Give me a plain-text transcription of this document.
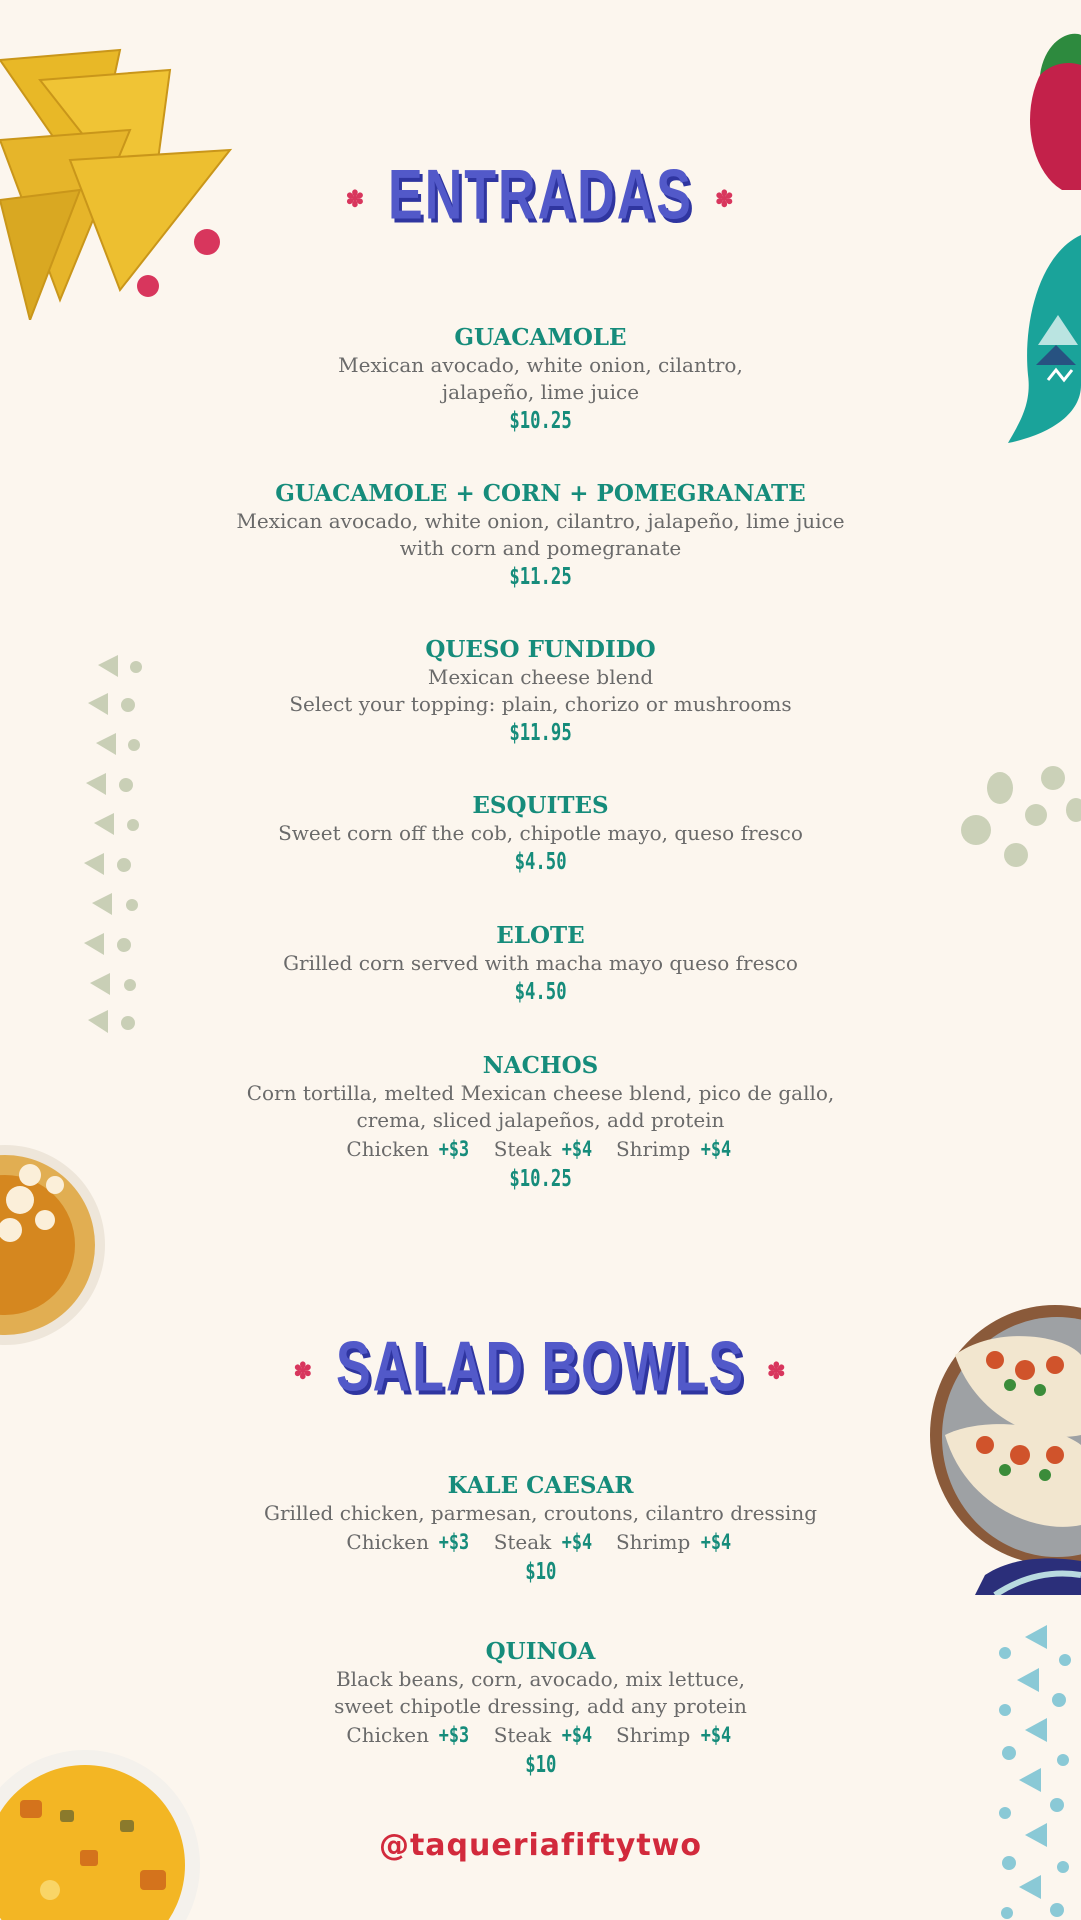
✽ ENTRADAS ✽
GUACAMOLE
Mexican avocado, white onion, cilantro,
jalapeño, lime juice
$10.25
GUACAMOLE + CORN + POMEGRANATE
Mexican avocado, white onion, cilantro, jalapeño, lime juice
with corn and pomegranate
$11.25
QUESO FUNDIDO
Mexican cheese blend
Select your topping: plain, chorizo or mushrooms
$11.95
ESQUITES
Sweet corn off the cob, chipotle mayo, queso fresco
$4.50
ELOTE
Grilled corn served with macha mayo queso fresco
$4.50
NACHOS
Corn tortilla, melted Mexican cheese blend, pico de gallo,
crema, sliced jalapeños, add protein
Chicken +$3 Steak +$4 Shrimp +$4
$10.25
✽ SALAD BOWLS ✽
KALE CAESAR
Grilled chicken, parmesan, croutons, cilantro dressing
Chicken +$3 Steak +$4 Shrimp +$4
$10
QUINOA
Black beans, corn, avocado, mix lettuce,
sweet chipotle dressing, add any protein
Chicken +$3 Steak +$4 Shrimp +$4
$10
@taqueriafiftytwo
